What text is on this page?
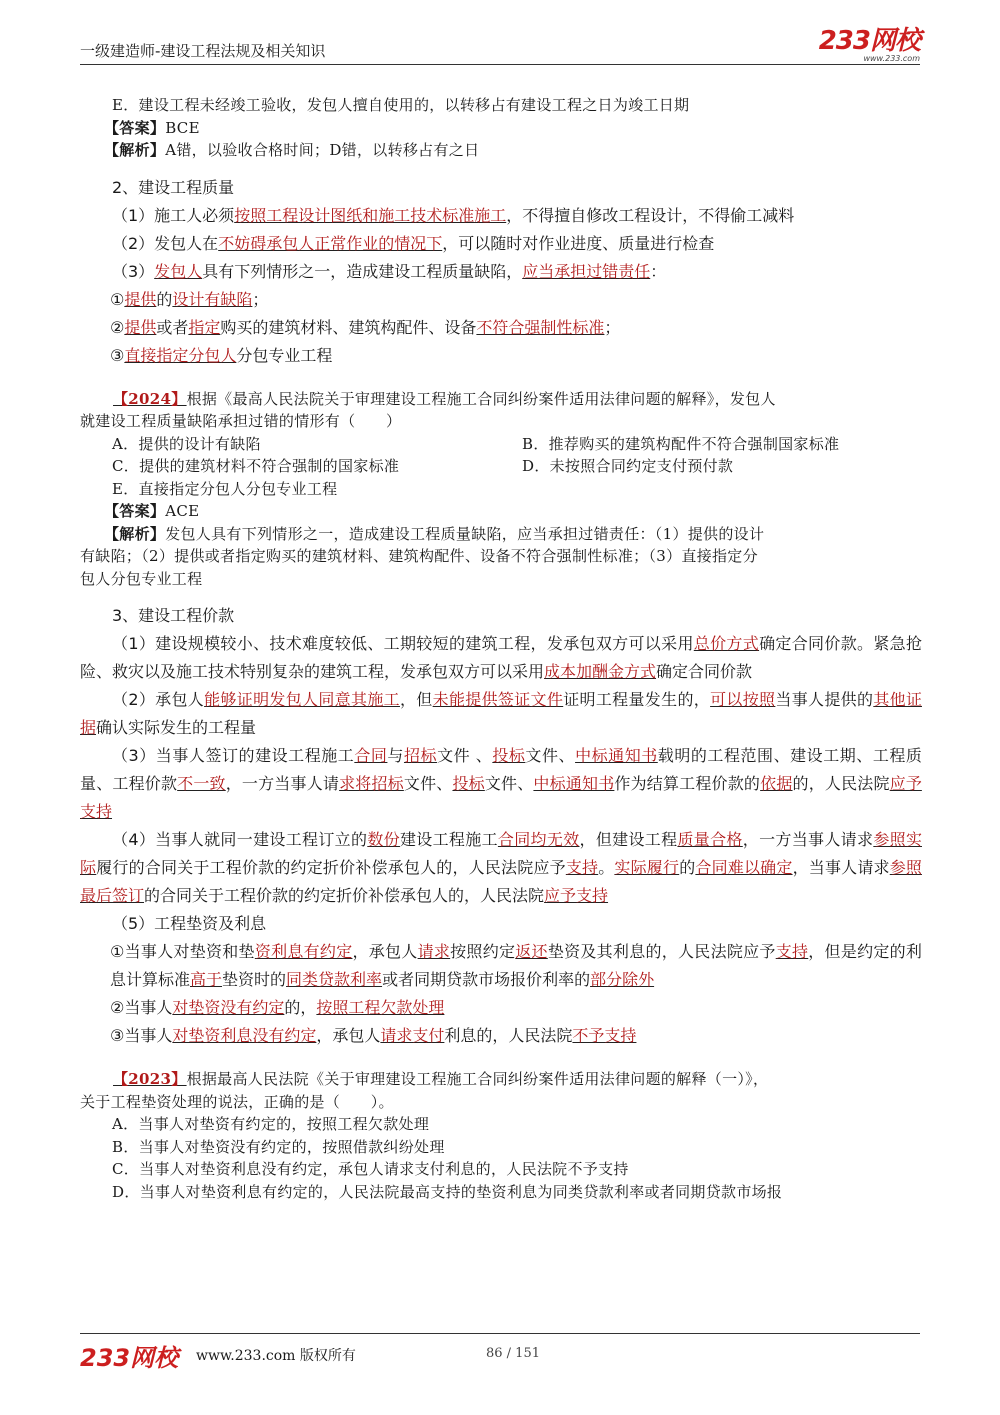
一级建造师-建设工程法规及相关知识	233网校
www.233.com
E．建设工程未经竣工验收，发包人擅自使用的，以转移占有建设工程之日为竣工日期
【答案】BCE
【解析】A错，以验收合格时间；D错，以转移占有之日
2、建设工程质量
（1）施工人必须按照工程设计图纸和施工技术标准施工，不得擅自修改工程设计，不得偷工减料
（2）发包人在不妨碍承包人正常作业的情况下，可以随时对作业进度、质量进行检查
（3）发包人具有下列情形之一，造成建设工程质量缺陷，应当承担过错责任：
①提供的设计有缺陷；
②提供或者指定购买的建筑材料、建筑构配件、设备不符合强制性标准；
③直接指定分包人分包专业工程
【2024】根据《最高人民法院关于审理建设工程施工合同纠纷案件适用法律问题的解释》，发包人
就建设工程质量缺陷承担过错的情形有（　　）
A．提供的设计有缺陷	B．推荐购买的建筑构配件不符合强制国家标准
C．提供的建筑材料不符合强制的国家标准	D．未按照合同约定支付预付款
E．直接指定分包人分包专业工程
【答案】ACE
【解析】发包人具有下列情形之一，造成建设工程质量缺陷，应当承担过错责任：（1）提供的设计
有缺陷；（2）提供或者指定购买的建筑材料、建筑构配件、设备不符合强制性标准；（3）直接指定分
包人分包专业工程
3、建设工程价款
（1）建设规模较小、技术难度较低、工期较短的建筑工程，发承包双方可以采用总价方式确定合同价款。紧急抢险、救灾以及施工技术特别复杂的建筑工程，发承包双方可以采用成本加酬金方式确定合同价款
（2）承包人能够证明发包人同意其施工，但未能提供签证文件证明工程量发生的，可以按照当事人提供的其他证据确认实际发生的工程量
（3）当事人签订的建设工程施工合同与招标文件 、投标文件、中标通知书载明的工程范围、建设工期、工程质量、工程价款不一致，一方当事人请求将招标文件、投标文件、中标通知书作为结算工程价款的依据的，人民法院应予支持
（4）当事人就同一建设工程订立的数份建设工程施工合同均无效，但建设工程质量合格，一方当事人请求参照实际履行的合同关于工程价款的约定折价补偿承包人的，人民法院应予支持。实际履行的合同难以确定，当事人请求参照最后签订的合同关于工程价款的约定折价补偿承包人的，人民法院应予支持
（5）工程垫资及利息
①当事人对垫资和垫资利息有约定，承包人请求按照约定返还垫资及其利息的，人民法院应予支持，但是约定的利息计算标准高于垫资时的同类贷款利率或者同期贷款市场报价利率的部分除外
②当事人对垫资没有约定的，按照工程欠款处理
③当事人对垫资利息没有约定，承包人请求支付利息的，人民法院不予支持
【2023】根据最高人民法院《关于审理建设工程施工合同纠纷案件适用法律问题的解释（一）》，
关于工程垫资处理的说法，正确的是（　　）。
A．当事人对垫资有约定的，按照工程欠款处理
B．当事人对垫资没有约定的，按照借款纠纷处理
C．当事人对垫资利息没有约定，承包人请求支付利息的，人民法院不予支持
D．当事人对垫资利息有约定的，人民法院最高支持的垫资利息为同类贷款利率或者同期贷款市场报
233网校 www.233.com 版权所有	86 / 151
